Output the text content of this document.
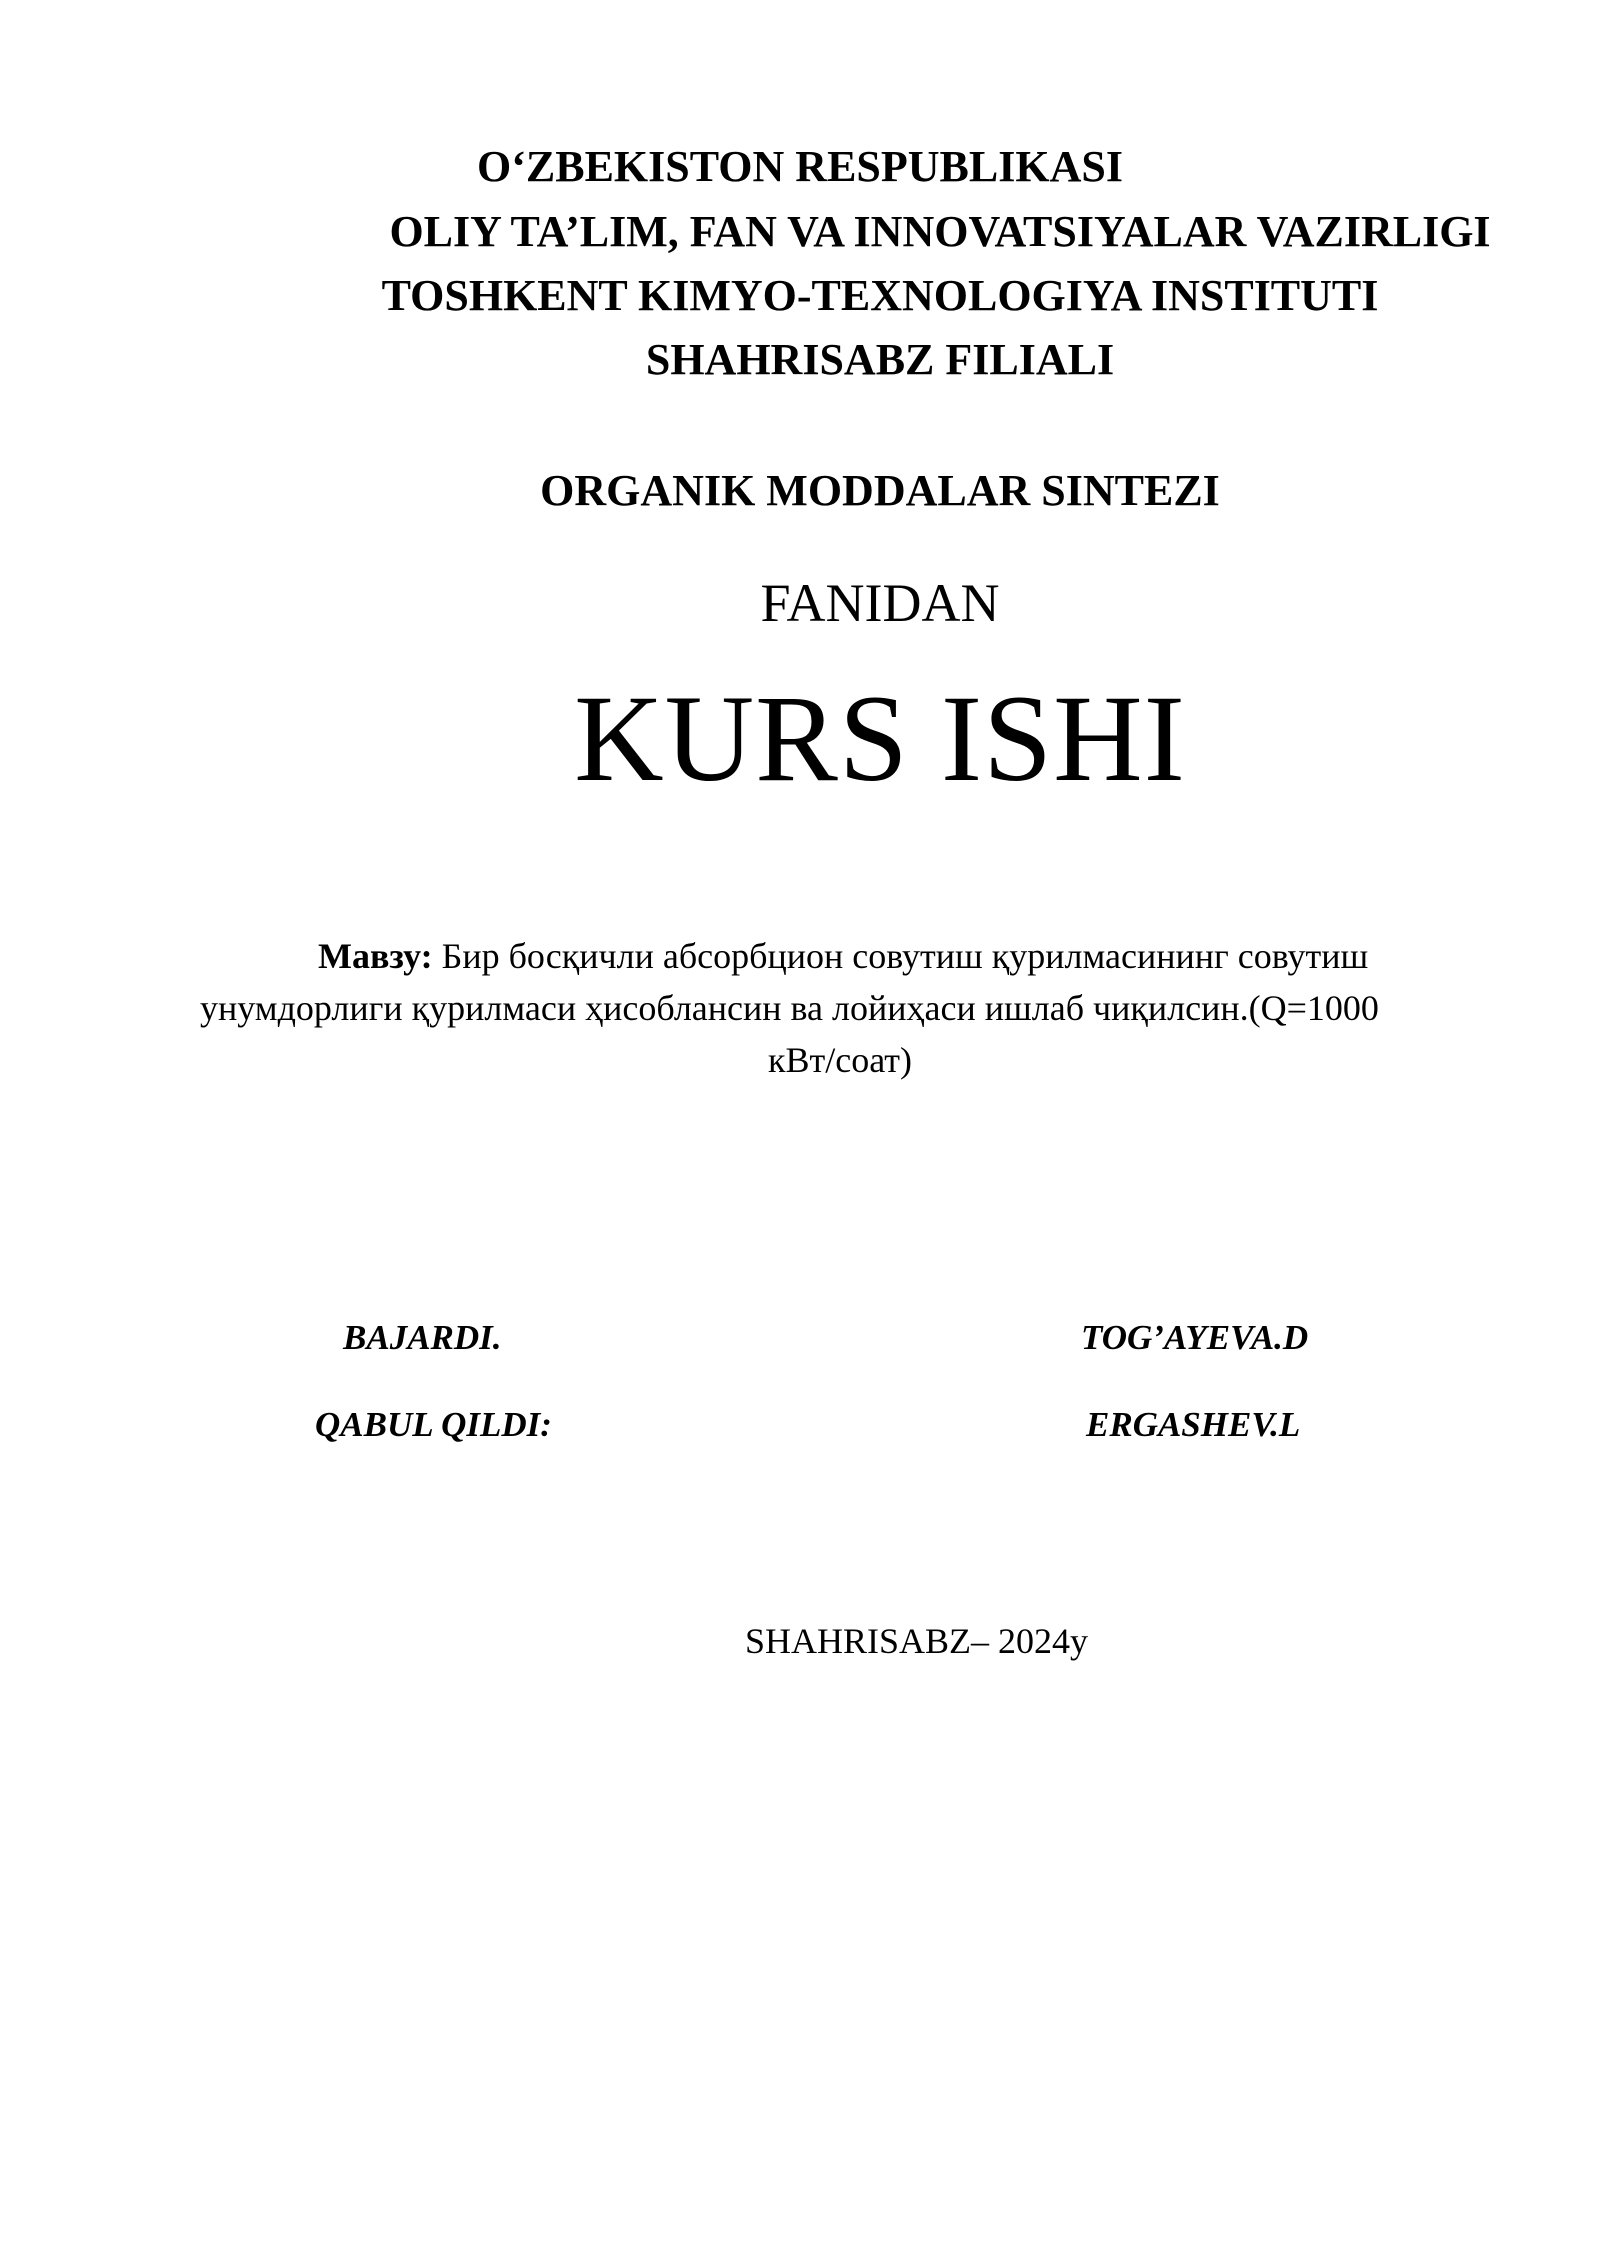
O‘ZBEKISTON RESPUBLIKASI
OLIY TA’LIM, FAN VA INNOVATSIYALAR VAZIRLIGI
TOSHKENT KIMYO-TEXNOLOGIYA INSTITUTI
SHAHRISABZ FILIALI
ORGANIK MODDALAR SINTEZI
FANIDAN
KURS ISHI
Мавзу: Бир босқичли абсорбцион совутиш қурилмасининг совутиш
унумдорлиги қурилмаси ҳисоблансин ва лойиҳаси ишлаб чиқилсин.(Q=1000
кВт/соат)
BAJARDI.	TOG’AYEVA.D
QABUL QILDI:	ERGASHEV.L
SHAHRISABZ– 2024y
